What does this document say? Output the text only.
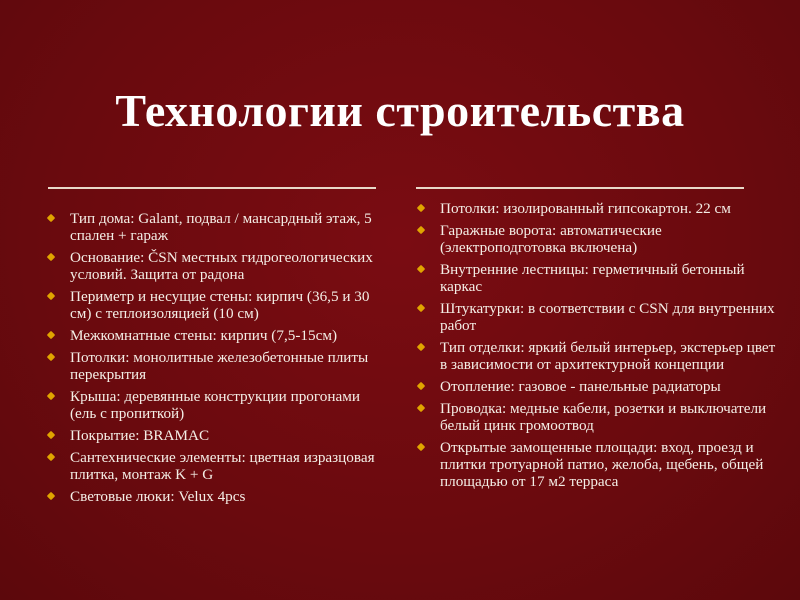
Технологии строительства
Тип дома: Galant, подвал / мансардный этаж, 5 спален + гараж
Основание: ČSN местных гидрогеологических условий. Защита от радона
Периметр и несущие стены: кирпич (36,5 и 30 см) с теплоизоляцией (10 см)
Межкомнатные стены: кирпич (7,5-15см)
Потолки: монолитные железобетонные плиты перекрытия
Крыша: деревянные конструкции прогонами (ель с пропиткой)
Покрытие: BRAMAC
Сантехнические элементы: цветная изразцовая плитка, монтаж K + G
Световые люки: Velux 4pcs
Потолки: изолированный гипсокартон. 22 см
Гаражные ворота: автоматические (электроподготовка включена)
Внутренние лестницы: герметичный бетонный каркас
Штукатурки: в соответствии с CSN для внутренних работ
Тип отделки: яркий белый интерьер, экстерьер цвет в зависимости от архитектурной концепции
Отопление: газовое - панельные радиаторы
Проводка: медные кабели, розетки и выключатели белый цинк громоотвод
Открытые замощенные площади: вход, проезд и плитки тротуарной патио, желоба, щебень, общей площадью от 17 м2 терраса
